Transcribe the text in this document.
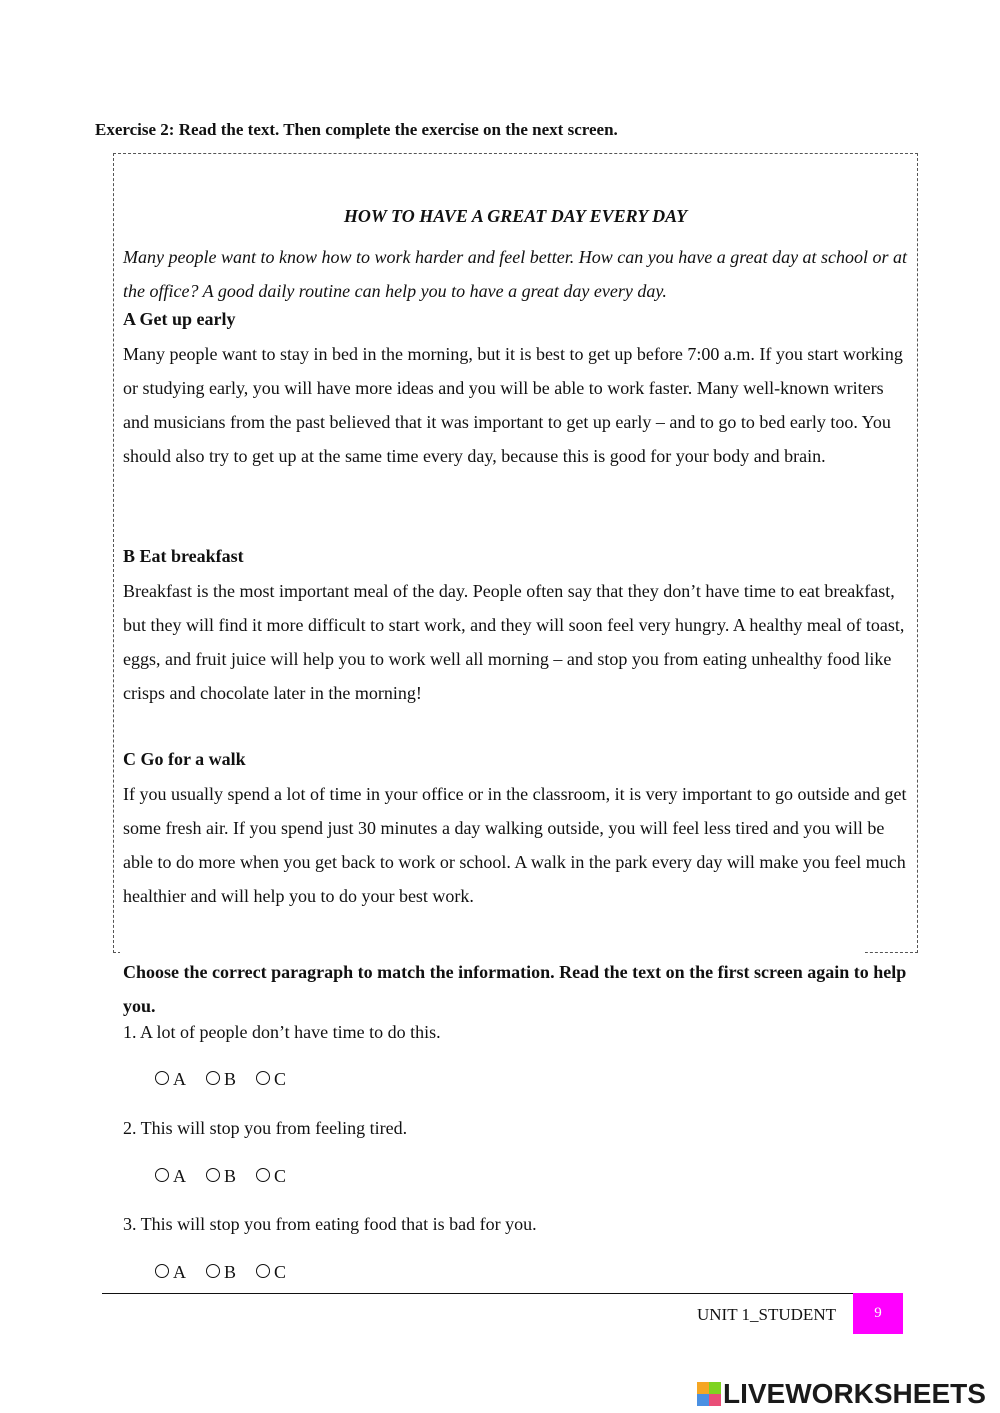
Exercise 2: Read the text. Then complete the exercise on the next screen.
HOW TO HAVE A GREAT DAY EVERY DAY
Many people want to know how to work harder and feel better. How can you have a great day at school or at the office? A good daily routine can help you to have a great day every day.
A Get up early
Many people want to stay in bed in the morning, but it is best to get up before 7:00 a.m. If you start working or studying early, you will have more ideas and you will be able to work faster. Many well-known writers and musicians from the past believed that it was important to get up early – and to go to bed early too. You should also try to get up at the same time every day, because this is good for your body and brain.
B Eat breakfast
Breakfast is the most important meal of the day. People often say that they don’t have time to eat breakfast, but they will find it more difficult to start work, and they will soon feel very hungry. A healthy meal of toast, eggs, and fruit juice will help you to work well all morning – and stop you from eating unhealthy food like crisps and chocolate later in the morning!
C Go for a walk
If you usually spend a lot of time in your office or in the classroom, it is very important to go outside and get some fresh air. If you spend just 30 minutes a day walking outside, you will feel less tired and you will be able to do more when you get back to work or school. A walk in the park every day will make you feel much healthier and will help you to do your best work.
Choose the correct paragraph to match the information. Read the text on the first screen again to help you.
1. A lot of people don’t have time to do this.
A B C
2. This will stop you from feeling tired.
A B C
3. This will stop you from eating food that is bad for you.
A B C
UNIT 1_STUDENT	9
LIVEWORKSHEETS
